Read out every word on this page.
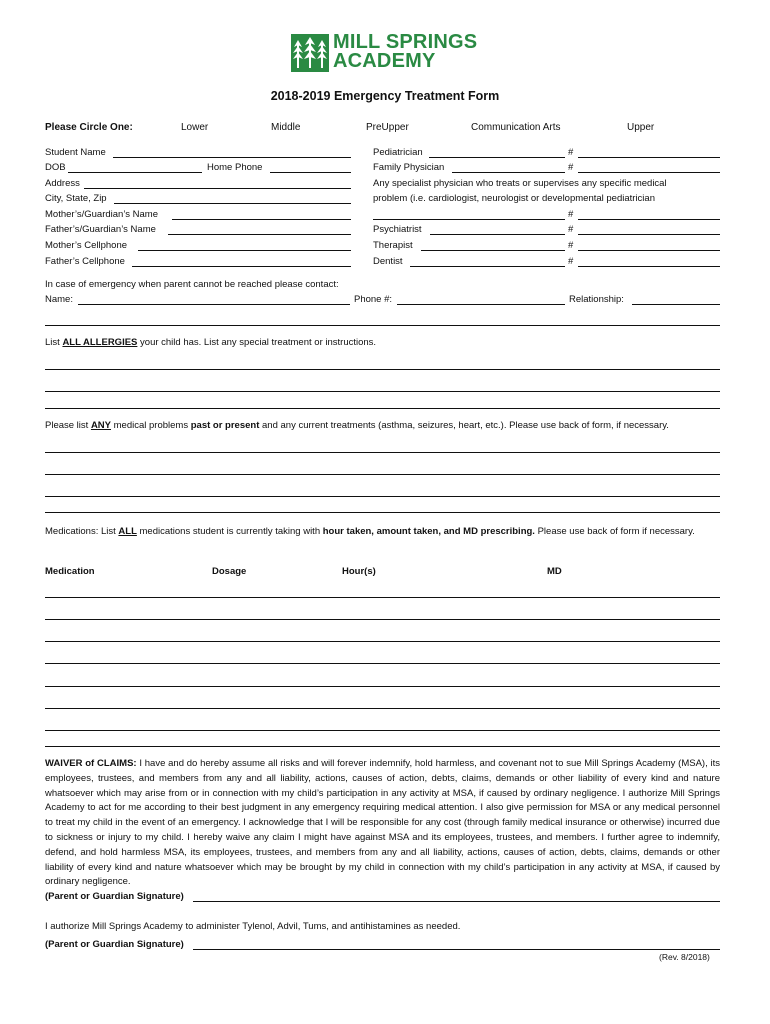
MILL SPRINGS
ACADEMY
2018-2019 Emergency Treatment Form
Please Circle One:	Lower	Middle	PreUpper	Communication Arts	Upper
Student Name
DOB	Home Phone
Address
City, State, Zip
Mother’s/Guardian’s Name
Father’s/Guardian’s Name
Mother’s Cellphone
Father’s Cellphone
Pediatrician	#
Family Physician	#
Any specialist physician who treats or supervises any specific medical
problem (i.e. cardiologist, neurologist or developmental pediatrician
#
Psychiatrist	#
Therapist	#
Dentist	#
In case of emergency when parent cannot be reached please contact:
Name:	Phone #:	Relationship:
List ALL ALLERGIES your child has. List any special treatment or instructions.
Please list ANY medical problems past or present and any current treatments (asthma, seizures, heart, etc.). Please use back of form, if necessary.
Medications: List ALL medications student is currently taking with hour taken, amount taken, and MD prescribing. Please use back of form if necessary.
Medication	Dosage	Hour(s)	MD
WAIVER of CLAIMS: I have and do hereby assume all risks and will forever indemnify, hold harmless, and covenant not to sue Mill Springs Academy (MSA), its employees, trustees, and members from any and all liability, actions, causes of action, debts, claims, demands or other liability of every kind and nature whatsoever which may arise from or in connection with my child’s participation in any activity at MSA, if caused by ordinary negligence. I authorize Mill Springs Academy to act for me according to their best judgment in any emergency requiring medical attention. I also give permission for MSA or any medical personnel to treat my child in the event of an emergency. I acknowledge that I will be responsible for any cost (through family medical insurance or otherwise) incurred due to sickness or injury to my child. I hereby waive any claim I might have against MSA and its employees, trustees, and members. I further agree to indemnify, defend, and hold harmless MSA, its employees, trustees, and members from any and all liability, actions, causes of action, debts, claims, demands or other liability of every kind and nature whatsoever which may be brought by my child in connection with my child’s participation in any activity at MSA, if caused by ordinary negligence.
(Parent or Guardian Signature)
I authorize Mill Springs Academy to administer Tylenol, Advil, Tums, and antihistamines as needed.
(Parent or Guardian Signature)
(Rev. 8/2018)
